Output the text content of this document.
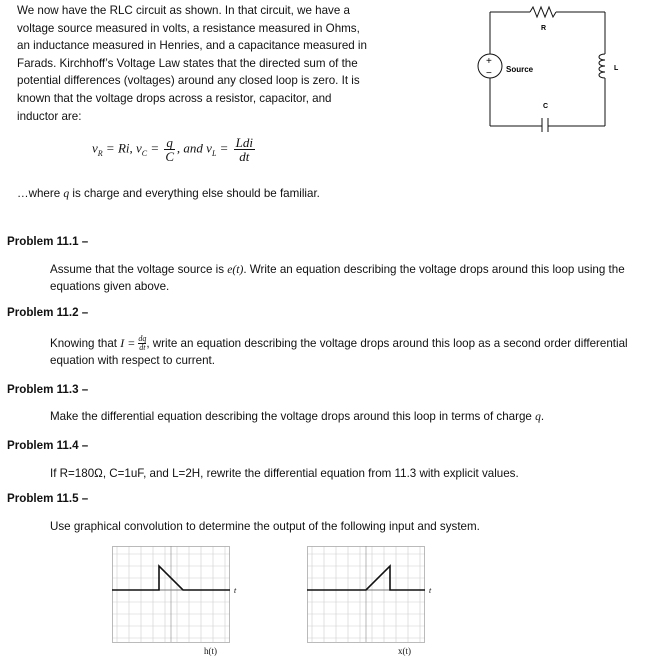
We now have the RLC circuit as shown. In that circuit, we have a
voltage source measured in volts, a resistance measured in Ohms,
an inductance measured in Henries, and a capacitance measured in
Farads. Kirchhoff’s Voltage Law states that the directed sum of the
potential differences (voltages) around any closed loop is zero. It is
known that the voltage drops across a resistor, capacitor, and
inductor are:
+
−
R
Source	L
C
$v_R = Ri$, $v_C = \frac{q}{C}$ , and $v_L = \frac{\text{Ldi}}{dt}$
…where q is charge and everything else should be familiar.
Problem 11.1 –
Assume that the voltage source is e(t). Write an equation describing the voltage drops around this loop using the equations given above.
Problem 11.2 –
Knowing that $I = \frac{dq}{dt}$ , write an equation describing the voltage drops around this loop as a second order differential equation with respect to current.
Problem 11.3 –
Make the differential equation describing the voltage drops around this loop in terms of charge q.
Problem 11.4 –
If R=180Ω, C=1uF, and L=2H, rewrite the differential equation from 11.3 with explicit values.
Problem 11.5 –
Use graphical convolution to determine the output of the following input and system.
t
h(t)
t
x(t)
